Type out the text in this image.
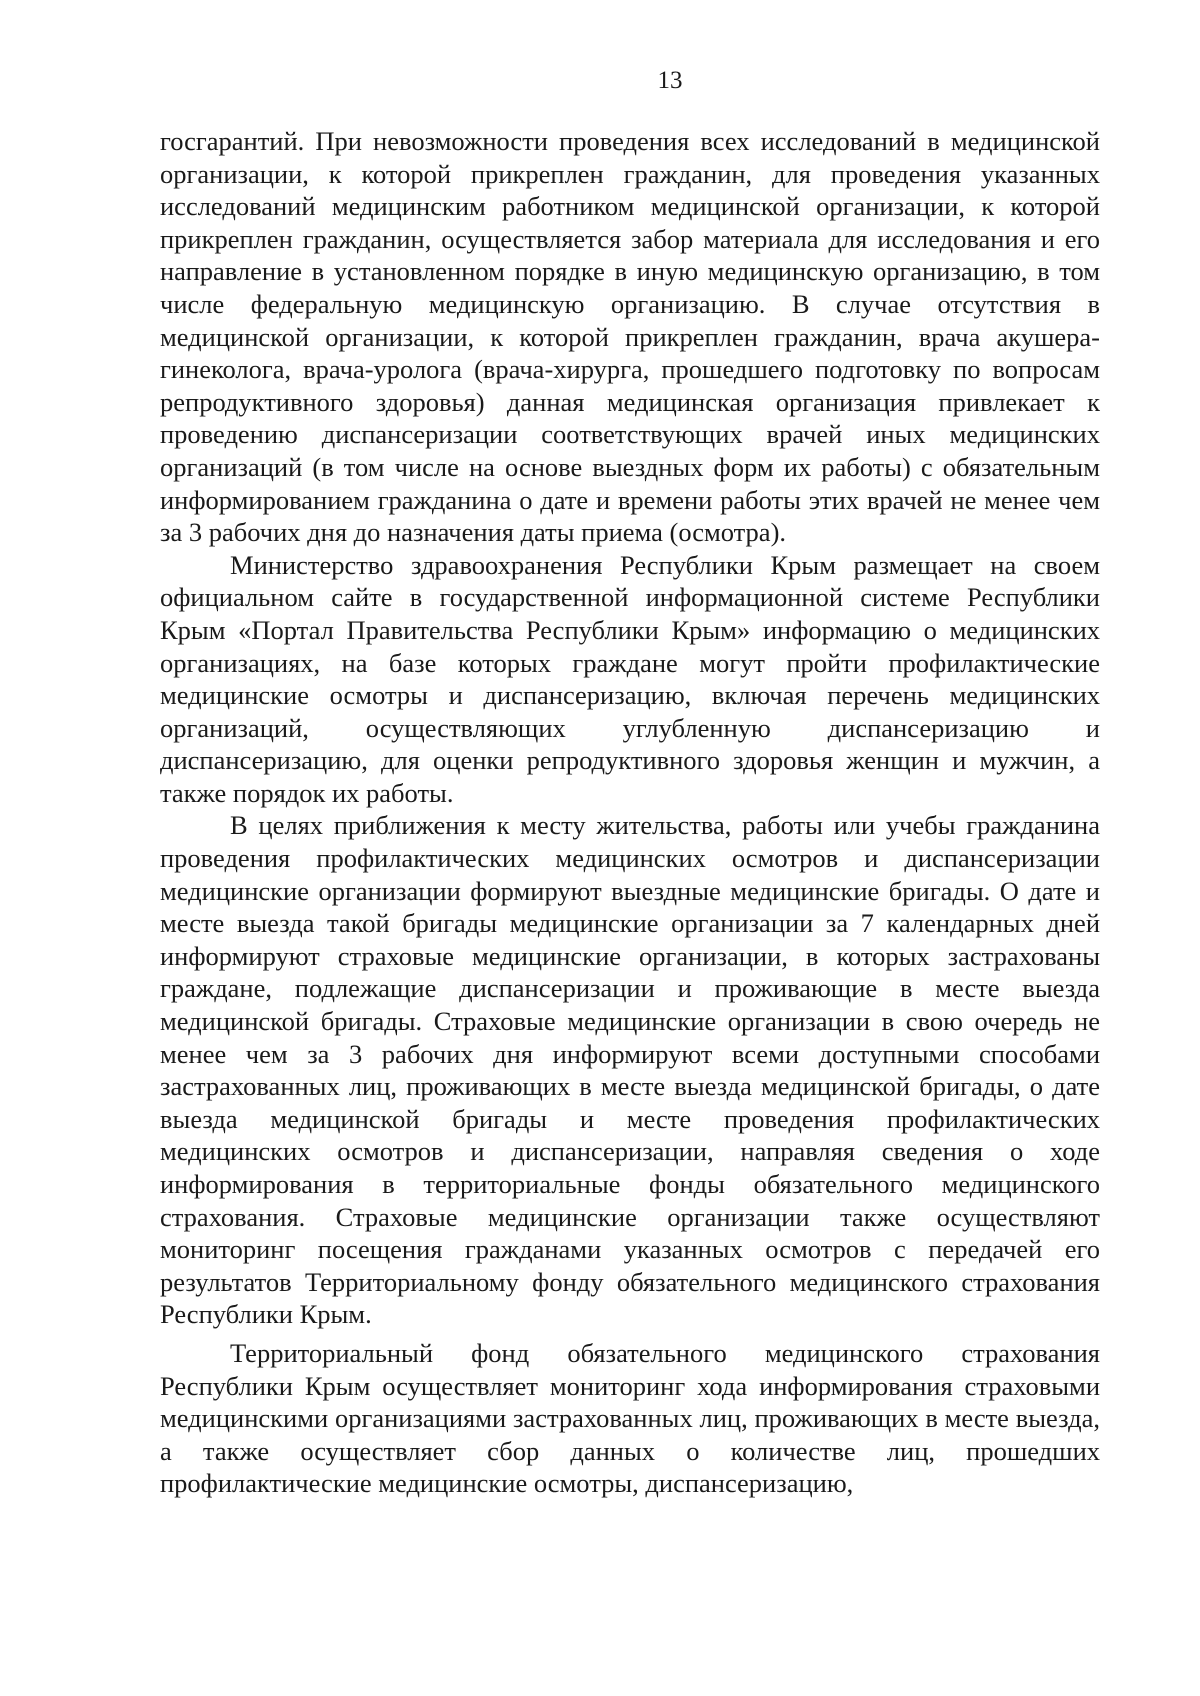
13

госгарантий. При невозможности проведения всех исследований в медицинской организации, к которой прикреплен гражданин, для проведения указанных исследований медицинским работником медицинской организации, к которой прикреплен гражданин, осуществляется забор материала для исследования и его направление в установленном порядке в иную медицинскую организацию, в том числе федеральную медицинскую организацию. В случае отсутствия в медицинской организации, к которой прикреплен гражданин, врача акушера-гинеколога, врача-уролога (врача-хирурга, прошедшего подготовку по вопросам репродуктивного здоровья) данная медицинская организация привлекает к проведению диспансеризации соответствующих врачей иных медицинских организаций (в том числе на основе выездных форм их работы) с обязательным информированием гражданина о дате и времени работы этих врачей не менее чем за 3 рабочих дня до назначения даты приема (осмотра).

Министерство здравоохранения Республики Крым размещает на своем официальном сайте в государственной информационной системе Республики Крым «Портал Правительства Республики Крым» информацию о медицинских организациях, на базе которых граждане могут пройти профилактические медицинские осмотры и диспансеризацию, включая перечень медицинских организаций, осуществляющих углубленную диспансеризацию и диспансеризацию, для оценки репродуктивного здоровья женщин и мужчин, а также порядок их работы.

В целях приближения к месту жительства, работы или учебы гражданина проведения профилактических медицинских осмотров и диспансеризации медицинские организации формируют выездные медицинские бригады. О дате и месте выезда такой бригады медицинские организации за 7 календарных дней информируют страховые медицинские организации, в которых застрахованы граждане, подлежащие диспансеризации и проживающие в месте выезда медицинской бригады. Страховые медицинские организации в свою очередь не менее чем за 3 рабочих дня информируют всеми доступными способами застрахованных лиц, проживающих в месте выезда медицинской бригады, о дате выезда медицинской бригады и месте проведения профилактических медицинских осмотров и диспансеризации, направляя сведения о ходе информирования в территориальные фонды обязательного медицинского страхования. Страховые медицинские организации также осуществляют мониторинг посещения гражданами указанных осмотров с передачей его результатов Территориальному фонду обязательного медицинского страхования Республики Крым.

Территориальный фонд обязательного медицинского страхования Республики Крым осуществляет мониторинг хода информирования страховыми медицинскими организациями застрахованных лиц, проживающих в месте выезда, а также осуществляет сбор данных о количестве лиц, прошедших профилактические медицинские осмотры, диспансеризацию,
